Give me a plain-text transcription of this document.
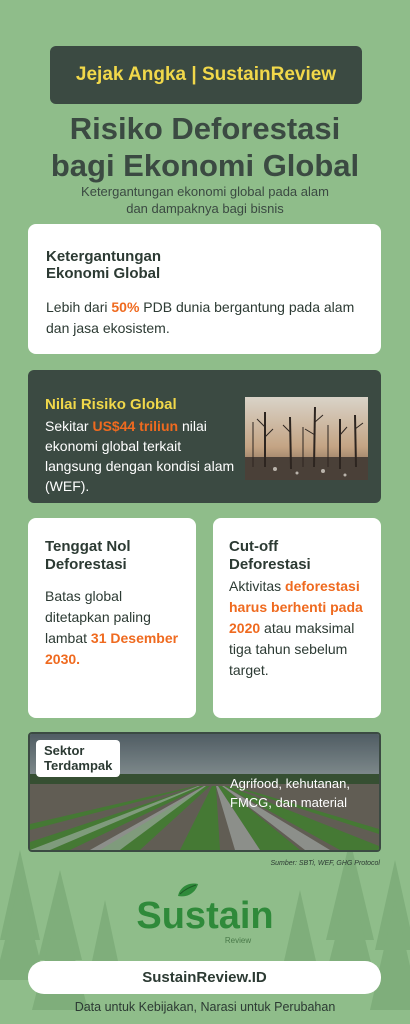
Jejak Angka | SustainReview
Risiko Deforestasi
bagi Ekonomi Global
Ketergantungan ekonomi global pada alam
dan dampaknya bagi bisnis
Ketergantungan
Ekonomi Global
Lebih dari 50% PDB dunia bergantung pada alam dan jasa ekosistem.
Nilai Risiko Global
Sekitar US$44 triliun nilai ekonomi global terkait langsung dengan kondisi alam (WEF).
Tenggat Nol
Deforestasi
Batas global ditetapkan paling lambat 31 Desember 2030.
Cut-off
Deforestasi
Aktivitas deforestasi harus berhenti pada 2020 atau maksimal tiga tahun sebelum target.
Sektor
Terdampak
Agrifood, kehutanan, FMCG, dan material
Sumber: SBTi, WEF, GHG Protocol
Sustain
Review
SustainReview.ID
Data untuk Kebijakan, Narasi untuk Perubahan
